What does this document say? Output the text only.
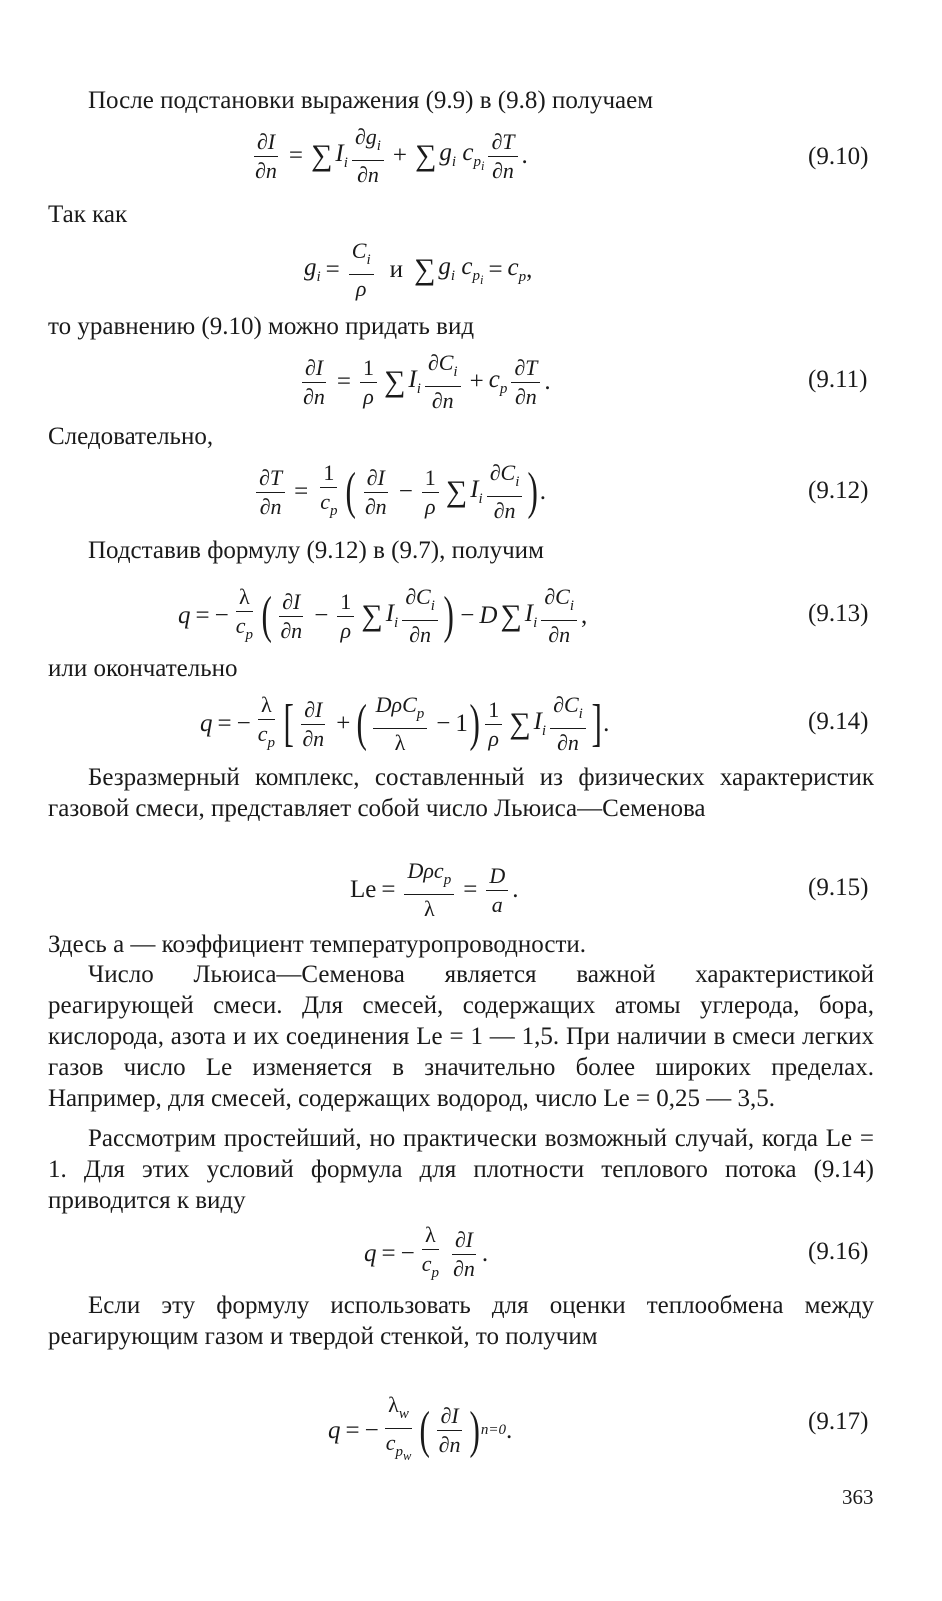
После подстановки выражения (9.9) в (9.8) получаем
$\frac{\partial I}{\partial n}$ = ∑ $I_i \frac{\partial g_i}{\partial n}$ + ∑ $g_i$ $c_{p_i} \frac{\partial T}{\partial n}$ .	(9.10)
Так как
$g_i = \frac{C_i}{\rho}$ и ∑ $g_i$ $c_{p_i} = c_p$ ,
то уравнению (9.10) можно придать вид
$\frac{\partial I}{\partial n} = \frac{1}{\rho}$ ∑ $I_i \frac{\partial C_i}{\partial n} + c_p \frac{\partial T}{\partial n}$ .	(9.11)
Следовательно,
$\frac{\partial T}{\partial n} = \frac{1}{c_p}$ ( $\frac{\partial I}{\partial n} - \frac{1}{\rho}$ ∑ $I_i \frac{\partial C_i}{\partial n}$ ) .	(9.12)
Подставив формулу (9.12) в (9.7), получим
q = − $\frac{\lambda}{c_p}$ ( $\frac{\partial I}{\partial n} - \frac{1}{\rho}$ ∑ $I_i \frac{\partial C_i}{\partial n}$ ) − D ∑ $I_i \frac{\partial C_i}{\partial n}$ ,	(9.13)
или окончательно
q = − $\frac{\lambda}{c_p}$ [ $\frac{\partial I}{\partial n}$ + ( $\frac{D\rho C_p}{\lambda} - 1$ ) $\frac{1}{\rho}$ ∑ $I_i \frac{\partial C_i}{\partial n}$ ] .	(9.14)
Безразмерный комплекс, составленный из физических характеристик газовой смеси, представляет собой число Льюиса—Семенова
$Le = \frac{D\rho c_p}{\lambda} = \frac{D}{a}$ .	(9.15)
Здесь a — коэффициент температуропроводности.
Число Льюиса—Семенова является важной характеристикой реагирующей смеси. Для смесей, содержащих атомы углерода, бора, кислорода, азота и их соединения Le = 1 — 1,5. При наличии в смеси легких газов число Le изменяется в значительно более широких пределах. Например, для смесей, содержащих водород, число Le = 0,25 — 3,5.
Рассмотрим простейший, но практически возможный случай, когда Le = 1. Для этих условий формула для плотности теплового потока (9.14) приводится к виду
q = − $\frac{\lambda}{c_p} \frac{\partial I}{\partial n}$ .	(9.16)
Если эту формулу использовать для оценки теплообмена между реагирующим газом и твердой стенкой, то получим
q = − $\frac{\lambda_w}{c_{p_w}}$ ( $\frac{\partial I}{\partial n}$ ) n=0 .	(9.17)
363
